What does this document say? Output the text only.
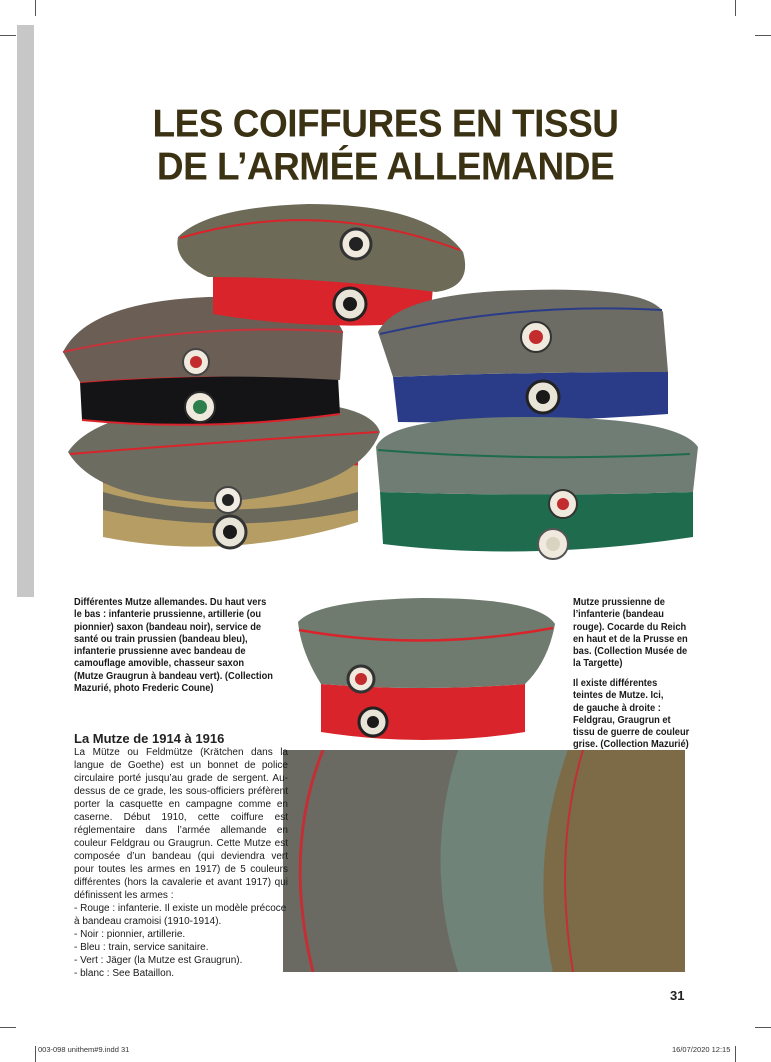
LES COIFFURES EN TISSU
DE L’ARMÉE ALLEMANDE
Différentes Mutze allemandes. Du haut vers
le bas : infanterie prussienne, artillerie (ou
pionnier) saxon (bandeau noir), service de
santé ou train prussien (bandeau bleu),
infanterie prussienne avec bandeau de
camouflage amovible, chasseur saxon
(Mutze Graugrun à bandeau vert). (Collection
Mazurié, photo Frederic Coune)
Mutze prussienne de
l’infanterie (bandeau
rouge). Cocarde du Reich
en haut et de la Prusse en
bas. (Collection Musée de
la Targette)
Il existe différentes
teintes de Mutze. Ici,
de gauche à droite :
Feldgrau, Graugrun et
tissu de guerre de couleur
grise. (Collection Mazurié)
La Mutze de 1914 à 1916

La Mütze ou Feldmütze (Krätchen dans la langue de Goethe) est un bonnet de police circulaire porté jusqu’au grade de sergent. Au-dessus de ce grade, les sous-officiers préfèrent porter la casquette en campagne comme en caserne. Début 1910, cette coiffure est réglementaire dans l’armée allemande en couleur Feldgrau ou Graugrun. Cette Mutze est composée d’un bandeau (qui deviendra vert pour toutes les armes en 1917) de 5 couleurs différentes (hors la cavalerie et avant 1917) qui définissent les armes :

- Rouge : infanterie. Il existe un modèle précoce à bandeau cramoisi (1910-1914).

- Noir : pionnier, artillerie.

- Bleu : train, service sanitaire.

- Vert : Jäger (la Mutze est Graugrun).

- blanc : See Bataillon.

31
003-098 unithem#9.indd 31	16/07/2020 12:15
